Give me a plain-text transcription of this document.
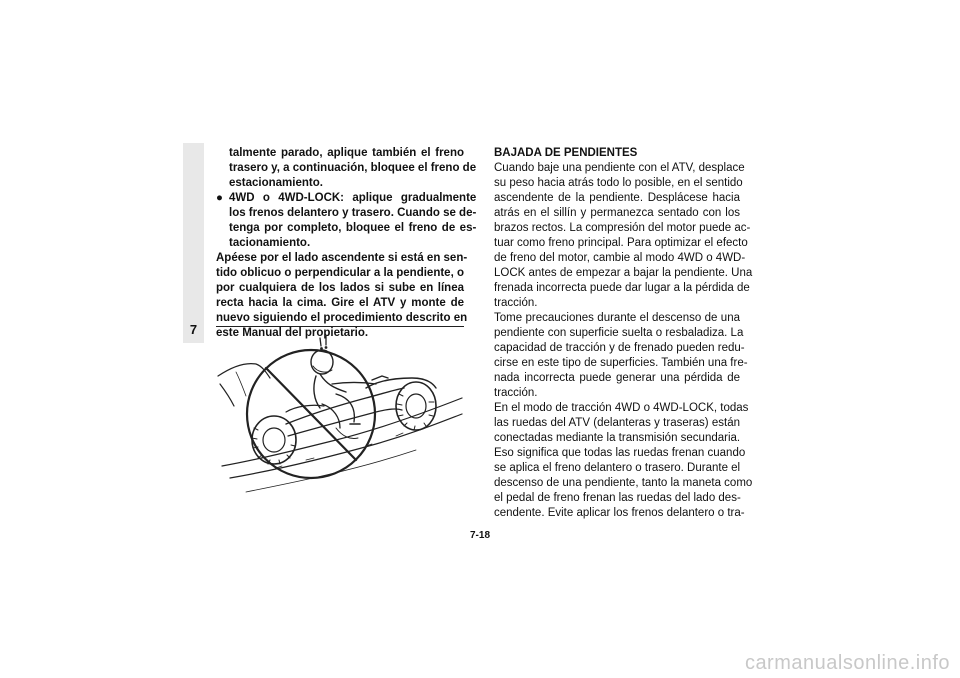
7
talmente parado, aplique también el freno
trasero y, a continuación, bloquee el freno de
estacionamiento.
● 4WD o 4WD-LOCK: aplique gradualmente
los frenos delantero y trasero. Cuando se de-
tenga por completo, bloquee el freno de es-
tacionamiento.
Apéese por el lado ascendente si está en sen-
tido oblicuo o perpendicular a la pendiente, o
por cualquiera de los lados si sube en línea
recta hacia la cima. Gire el ATV y monte de
nuevo siguiendo el procedimiento descrito en
este Manual del propietario.
BAJADA DE PENDIENTES
Cuando baje una pendiente con el ATV, desplace
su peso hacia atrás todo lo posible, en el sentido
ascendente de la pendiente. Desplácese hacia
atrás en el sillín y permanezca sentado con los
brazos rectos. La compresión del motor puede ac-
tuar como freno principal. Para optimizar el efecto
de freno del motor, cambie al modo 4WD o 4WD-
LOCK antes de empezar a bajar la pendiente. Una
frenada incorrecta puede dar lugar a la pérdida de
tracción.
Tome precauciones durante el descenso de una
pendiente con superficie suelta o resbaladiza. La
capacidad de tracción y de frenado pueden redu-
cirse en este tipo de superficies. También una fre-
nada incorrecta puede generar una pérdida de
tracción.
En el modo de tracción 4WD o 4WD-LOCK, todas
las ruedas del ATV (delanteras y traseras) están
conectadas mediante la transmisión secundaria.
Eso significa que todas las ruedas frenan cuando
se aplica el freno delantero o trasero. Durante el
descenso de una pendiente, tanto la maneta como
el pedal de freno frenan las ruedas del lado des-
cendente. Evite aplicar los frenos delantero o tra-
7-18
carmanualsonline.info
